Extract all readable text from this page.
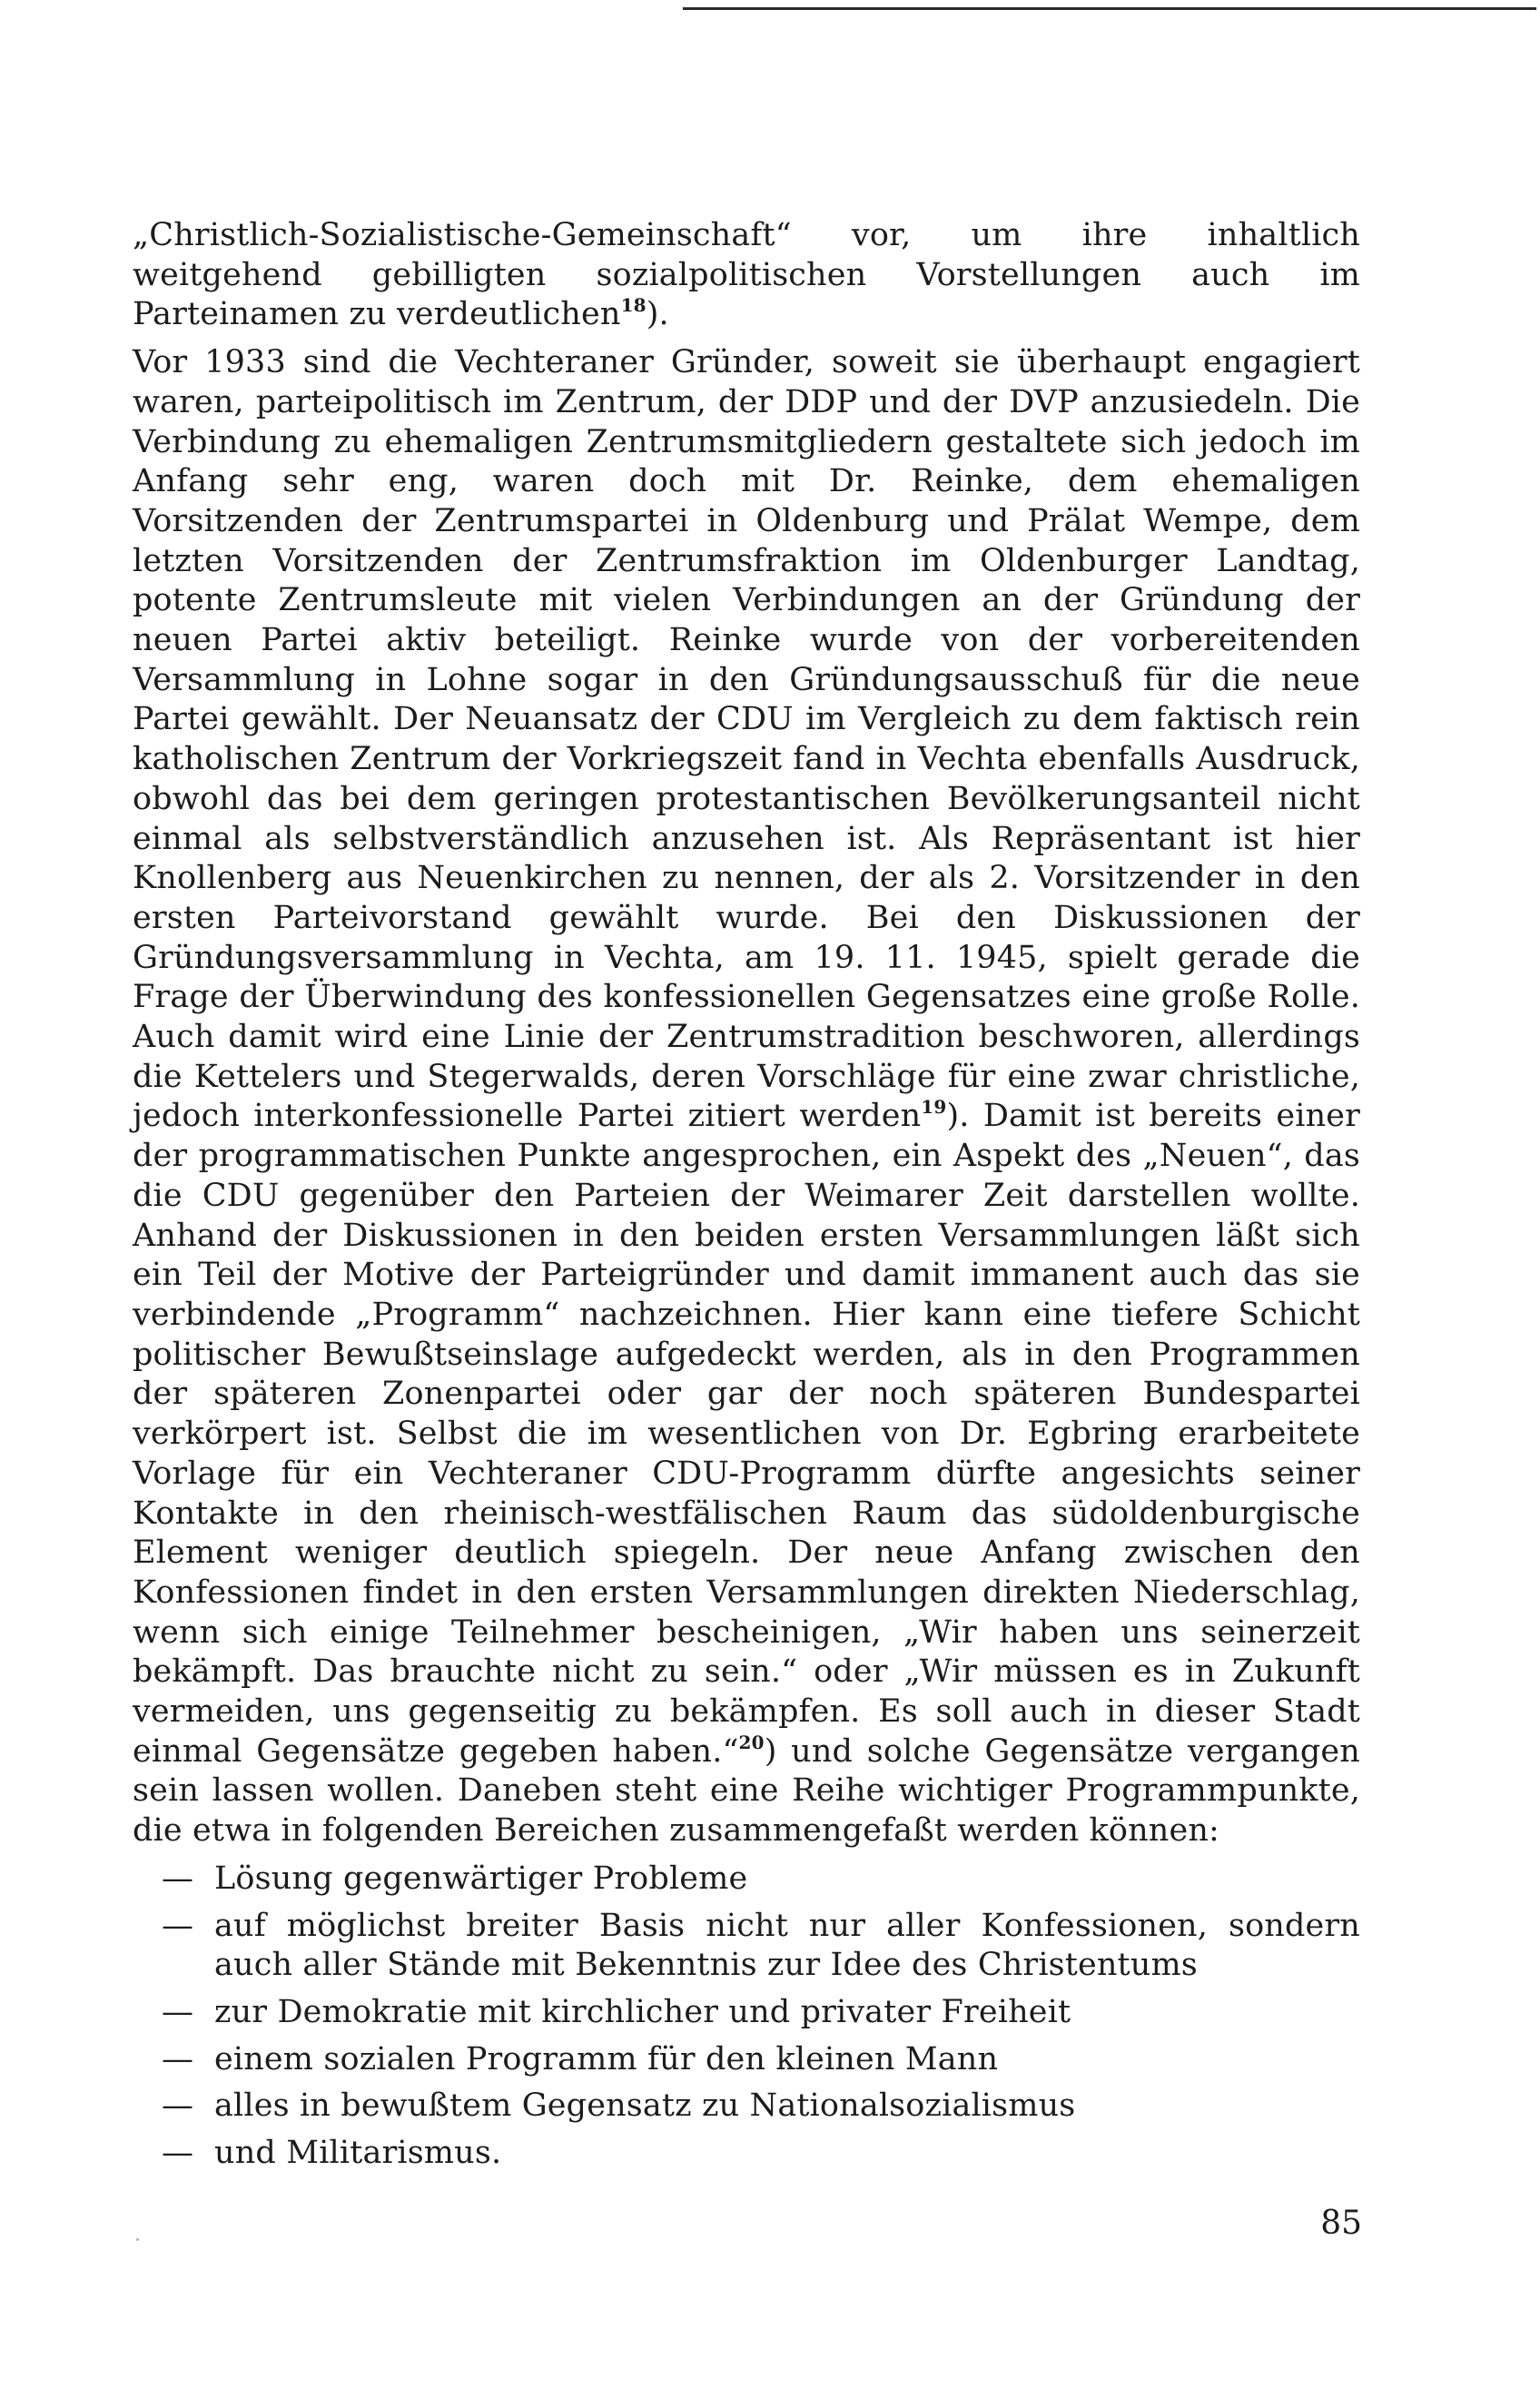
„Christlich-Sozialistische-Gemeinschaft“ vor, um ihre inhaltlich weitgehend gebilligten sozialpolitischen Vorstellungen auch im Parteinamen zu verdeutlichen$^{18}$).

Vor 1933 sind die Vechteraner Gründer, soweit sie überhaupt engagiert waren, parteipolitisch im Zentrum, der DDP und der DVP anzusiedeln. Die Verbindung zu ehemaligen Zentrumsmitgliedern gestaltete sich jedoch im Anfang sehr eng, waren doch mit Dr. Reinke, dem ehemaligen Vorsitzenden der Zentrumspartei in Oldenburg und Prälat Wempe, dem letzten Vorsitzenden der Zentrumsfraktion im Oldenburger Landtag, potente Zentrumsleute mit vielen Verbindungen an der Gründung der neuen Partei aktiv beteiligt. Reinke wurde von der vorbereitenden Versammlung in Lohne sogar in den Gründungsausschuß für die neue Partei gewählt. Der Neuansatz der CDU im Vergleich zu dem faktisch rein katholischen Zentrum der Vorkriegszeit fand in Vechta ebenfalls Ausdruck, obwohl das bei dem geringen protestantischen Bevölkerungsanteil nicht einmal als selbstverständlich anzusehen ist. Als Repräsentant ist hier Knollenberg aus Neuenkirchen zu nennen, der als 2. Vorsitzender in den ersten Parteivorstand gewählt wurde. Bei den Diskussionen der Gründungsversammlung in Vechta, am 19. 11. 1945, spielt gerade die Frage der Überwindung des konfessionellen Gegensatzes eine große Rolle. Auch damit wird eine Linie der Zentrumstradition beschworen, allerdings die Kettelers und Stegerwalds, deren Vorschläge für eine zwar christliche, jedoch interkonfessionelle Partei zitiert werden$^{19}$). Damit ist bereits einer der programmatischen Punkte angesprochen, ein Aspekt des „Neuen“, das die CDU gegenüber den Parteien der Weimarer Zeit darstellen wollte. Anhand der Diskussionen in den beiden ersten Versammlungen läßt sich ein Teil der Motive der Parteigründer und damit immanent auch das sie verbindende „Programm“ nachzeichnen. Hier kann eine tiefere Schicht politischer Bewußtseinslage aufgedeckt werden, als in den Programmen der späteren Zonenpartei oder gar der noch späteren Bundespartei verkörpert ist. Selbst die im wesentlichen von Dr. Egbring erarbeitete Vorlage für ein Vechteraner CDU-Programm dürfte angesichts seiner Kontakte in den rheinisch-westfälischen Raum das südoldenburgische Element weniger deutlich spiegeln. Der neue Anfang zwischen den Konfessionen findet in den ersten Versammlungen direkten Niederschlag, wenn sich einige Teilnehmer bescheinigen, „Wir haben uns seinerzeit bekämpft. Das brauchte nicht zu sein.“ oder „Wir müssen es in Zukunft vermeiden, uns gegenseitig zu bekämpfen. Es soll auch in dieser Stadt einmal Gegensätze gegeben haben.“$^{20}$) und solche Gegensätze vergangen sein lassen wollen. Daneben steht eine Reihe wichtiger Programmpunkte, die etwa in folgenden Bereichen zusammengefaßt werden können:

— Lösung gegenwärtiger Probleme
— auf möglichst breiter Basis nicht nur aller Konfessionen, sondern auch aller Stände mit Bekenntnis zur Idee des Christentums
— zur Demokratie mit kirchlicher und privater Freiheit
— einem sozialen Programm für den kleinen Mann
— alles in bewußtem Gegensatz zu Nationalsozialismus
— und Militarismus.
85
